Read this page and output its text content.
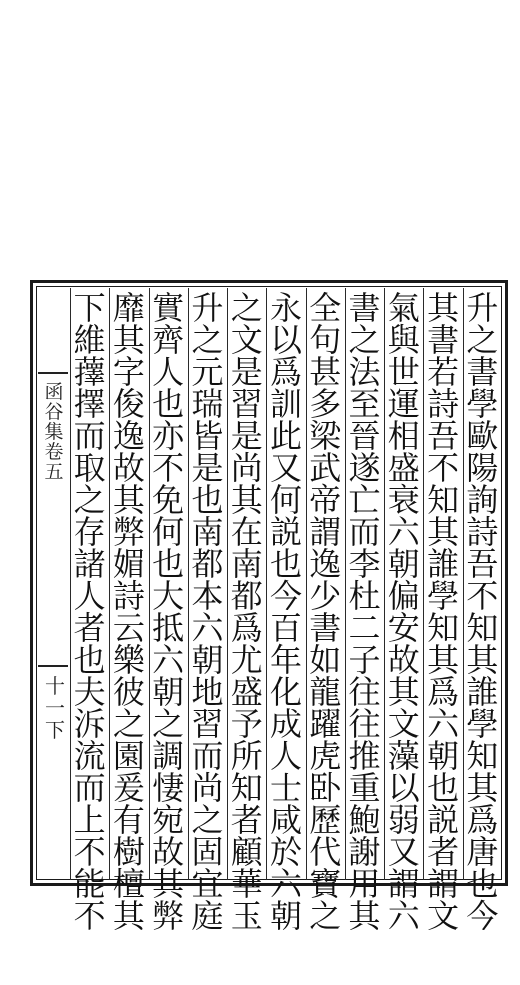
函
谷
集
卷
五
十
一
下
升
之
書
學
歐
陽
詢
詩
吾
不
知
其
誰
學
知
其
爲
唐
也
今
其
書
若
詩
吾
不
知
其
誰
學
知
其
爲
六
朝
也
説
者
謂
文
氣
與
世
運
相
盛
衰
六
朝
偏
安
故
其
文
藻
以
弱
又
謂
六
書
之
法
至
晉
遂
亡
而
李
杜
二
子
往
往
推
重
鮑
謝
用
其
全
句
甚
多
梁
武
帝
謂
逸
少
書
如
龍
躍
虎
卧
歷
代
寶
之
永
以
爲
訓
此
又
何
説
也
今
百
年
化
成
人
士
咸
於
六
朝
之
文
是
習
是
尚
其
在
南
都
爲
尤
盛
予
所
知
者
顧
華
玉
升
之
元
瑞
皆
是
也
南
都
本
六
朝
地
習
而
尚
之
固
宜
庭
實
齊
人
也
亦
不
免
何
也
大
抵
六
朝
之
調
悽
宛
故
其
弊
靡
其
字
俊
逸
故
其
弊
媚
詩
云
樂
彼
之
園
爰
有
樹
檀
其
下
維
蘀
擇
而
取
之
存
諸
人
者
也
夫
泝
流
而
上
不
能
不
